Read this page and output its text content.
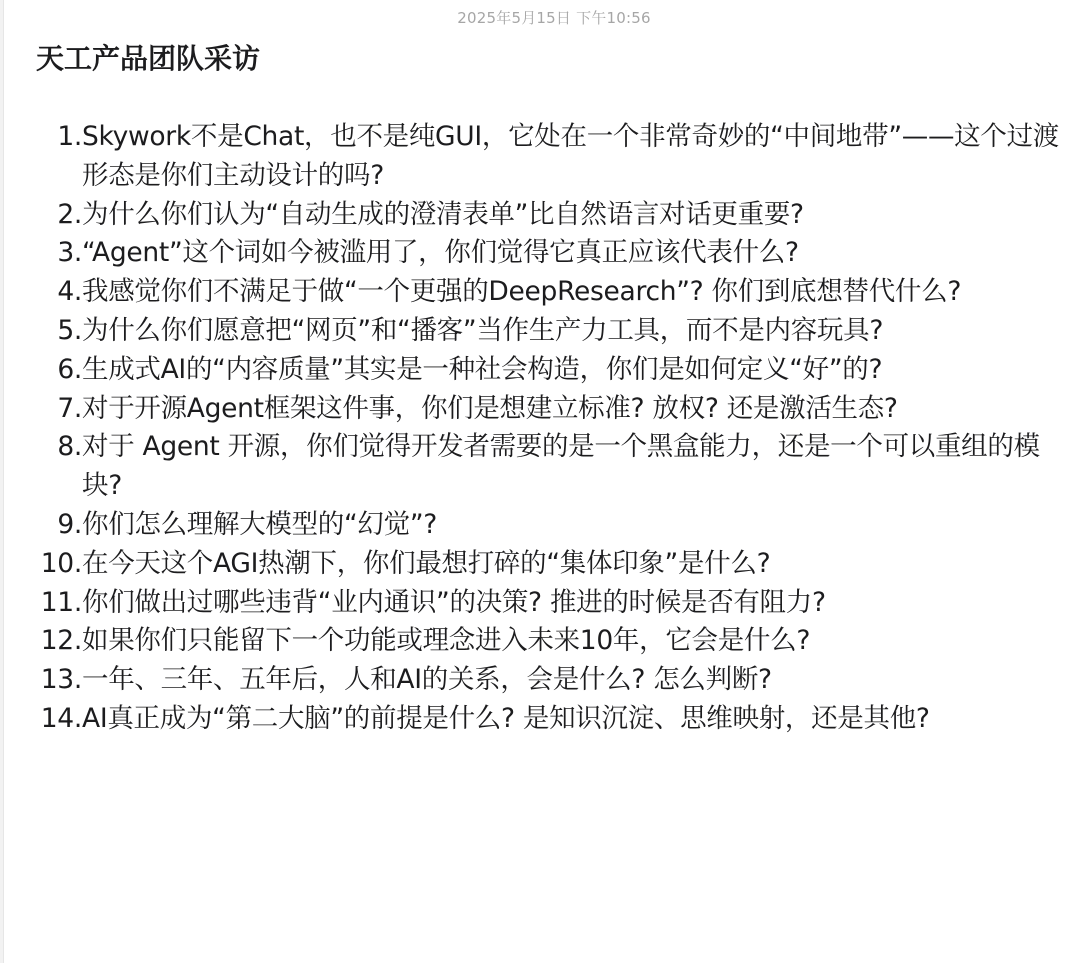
2025年5月15日 下午10:56
天工产品团队采访
1. Skywork不是Chat，也不是纯GUI，它处在一个非常奇妙的“中间地带”——这个过渡形态是你们主动设计的吗?
2. 为什么你们认为“自动生成的澄清表单”比自然语言对话更重要?
3. “Agent”这个词如今被滥用了，你们觉得它真正应该代表什么?
4. 我感觉你们不满足于做“一个更强的DeepResearch”? 你们到底想替代什么?
5. 为什么你们愿意把“网页”和“播客”当作生产力工具，而不是内容玩具?
6. 生成式AI的“内容质量”其实是一种社会构造，你们是如何定义“好”的?
7. 对于开源Agent框架这件事，你们是想建立标准? 放权? 还是激活生态?
8. 对于 Agent 开源，你们觉得开发者需要的是一个黑盒能力，还是一个可以重组的模块?
9. 你们怎么理解大模型的“幻觉”?
10. 在今天这个AGI热潮下，你们最想打碎的“集体印象”是什么?
11. 你们做出过哪些违背“业内通识”的决策? 推进的时候是否有阻力?
12. 如果你们只能留下一个功能或理念进入未来10年，它会是什么?
13. 一年、三年、五年后，人和AI的关系，会是什么? 怎么判断?
14. AI真正成为“第二大脑”的前提是什么? 是知识沉淀、思维映射，还是其他?
